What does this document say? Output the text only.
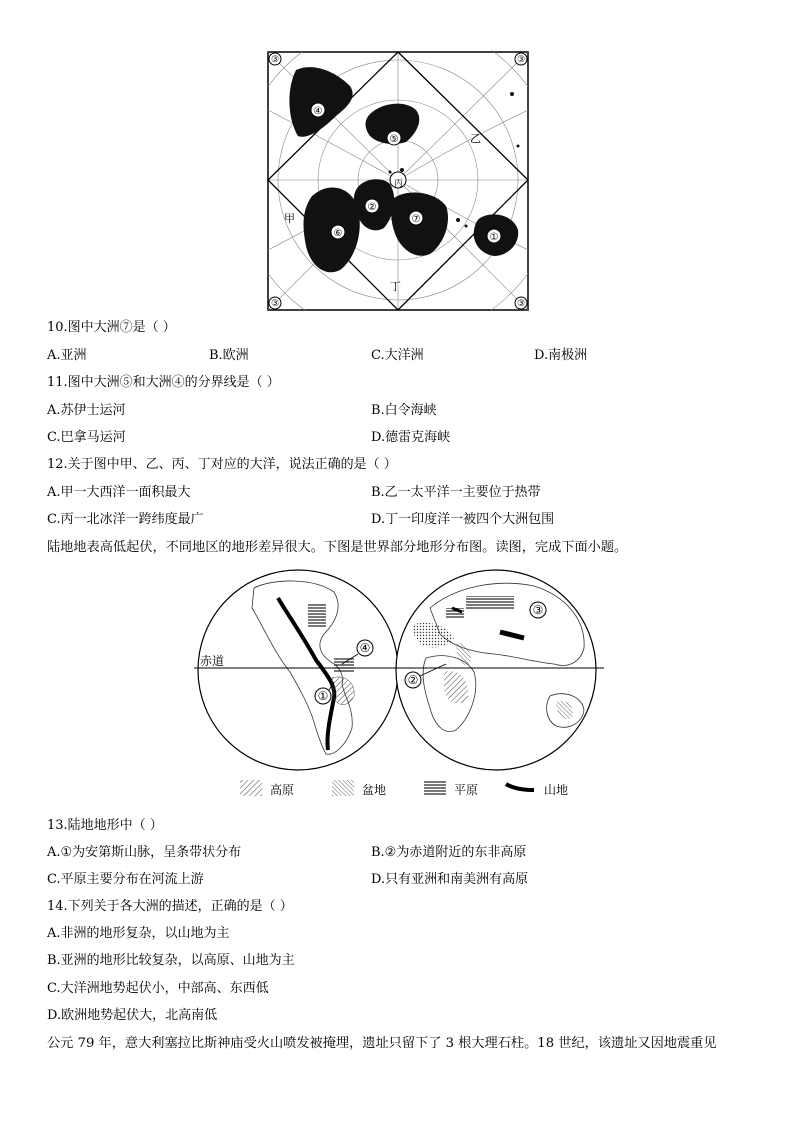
④
⑤
②
⑥
⑦
①
③	③
③	③
甲
乙
丙
丁
10.图中大洲⑦是（ ）
A.亚洲	B.欧洲	C.大洋洲	D.南极洲
11.图中大洲⑤和大洲④的分界线是（ ）
A.苏伊士运河	B.白令海峡
C.巴拿马运河	D.德雷克海峡
12.关于图中甲、乙、丙、丁对应的大洋，说法正确的是（ ）
A.甲一大西洋一面积最大	B.乙一太平洋一主要位于热带
C.丙一北冰洋一跨纬度最广	D.丁一印度洋一被四个大洲包围
陆地地表高低起伏，不同地区的地形差异很大。下图是世界部分地形分布图。读图，完成下面小题。
赤道
①
④
②
③
高原	盆地	平原	山地
13.陆地地形中（ ）
A.①为安第斯山脉，呈条带状分布	B.②为赤道附近的东非高原
C.平原主要分布在河流上游	D.只有亚洲和南美洲有高原
14.下列关于各大洲的描述，正确的是（ ）
A.非洲的地形复杂，以山地为主
B.亚洲的地形比较复杂，以高原、山地为主
C.大洋洲地势起伏小，中部高、东西低
D.欧洲地势起伏大，北高南低
公元 79 年，意大利塞拉比斯神庙受火山喷发被掩埋，遗址只留下了 3 根大理石柱。18 世纪，该遗址又因地震重见
